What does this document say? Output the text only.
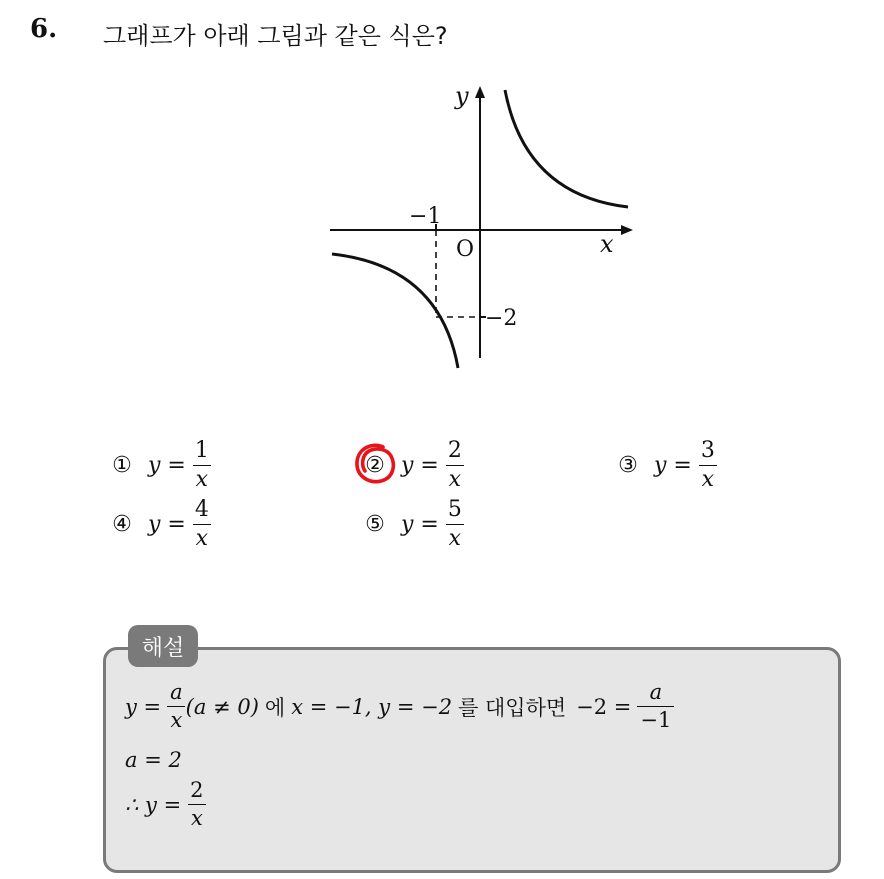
6. 그래프가 아래 그림과 같은 식은?
y
x
O
−1
−2
① $y = \frac{1}{x}$	② $y = \frac{2}{x}$	③ $y = \frac{3}{x}$
④ $y = \frac{4}{x}$	⑤ $y = \frac{5}{x}$
해설
$y = \frac{a}{x} (a \ne 0)$ 에 x = −1, y = −2 를 대입하면 $-2 = \frac{a}{-1}$
a = 2
∴ $y = \frac{2}{x}$
